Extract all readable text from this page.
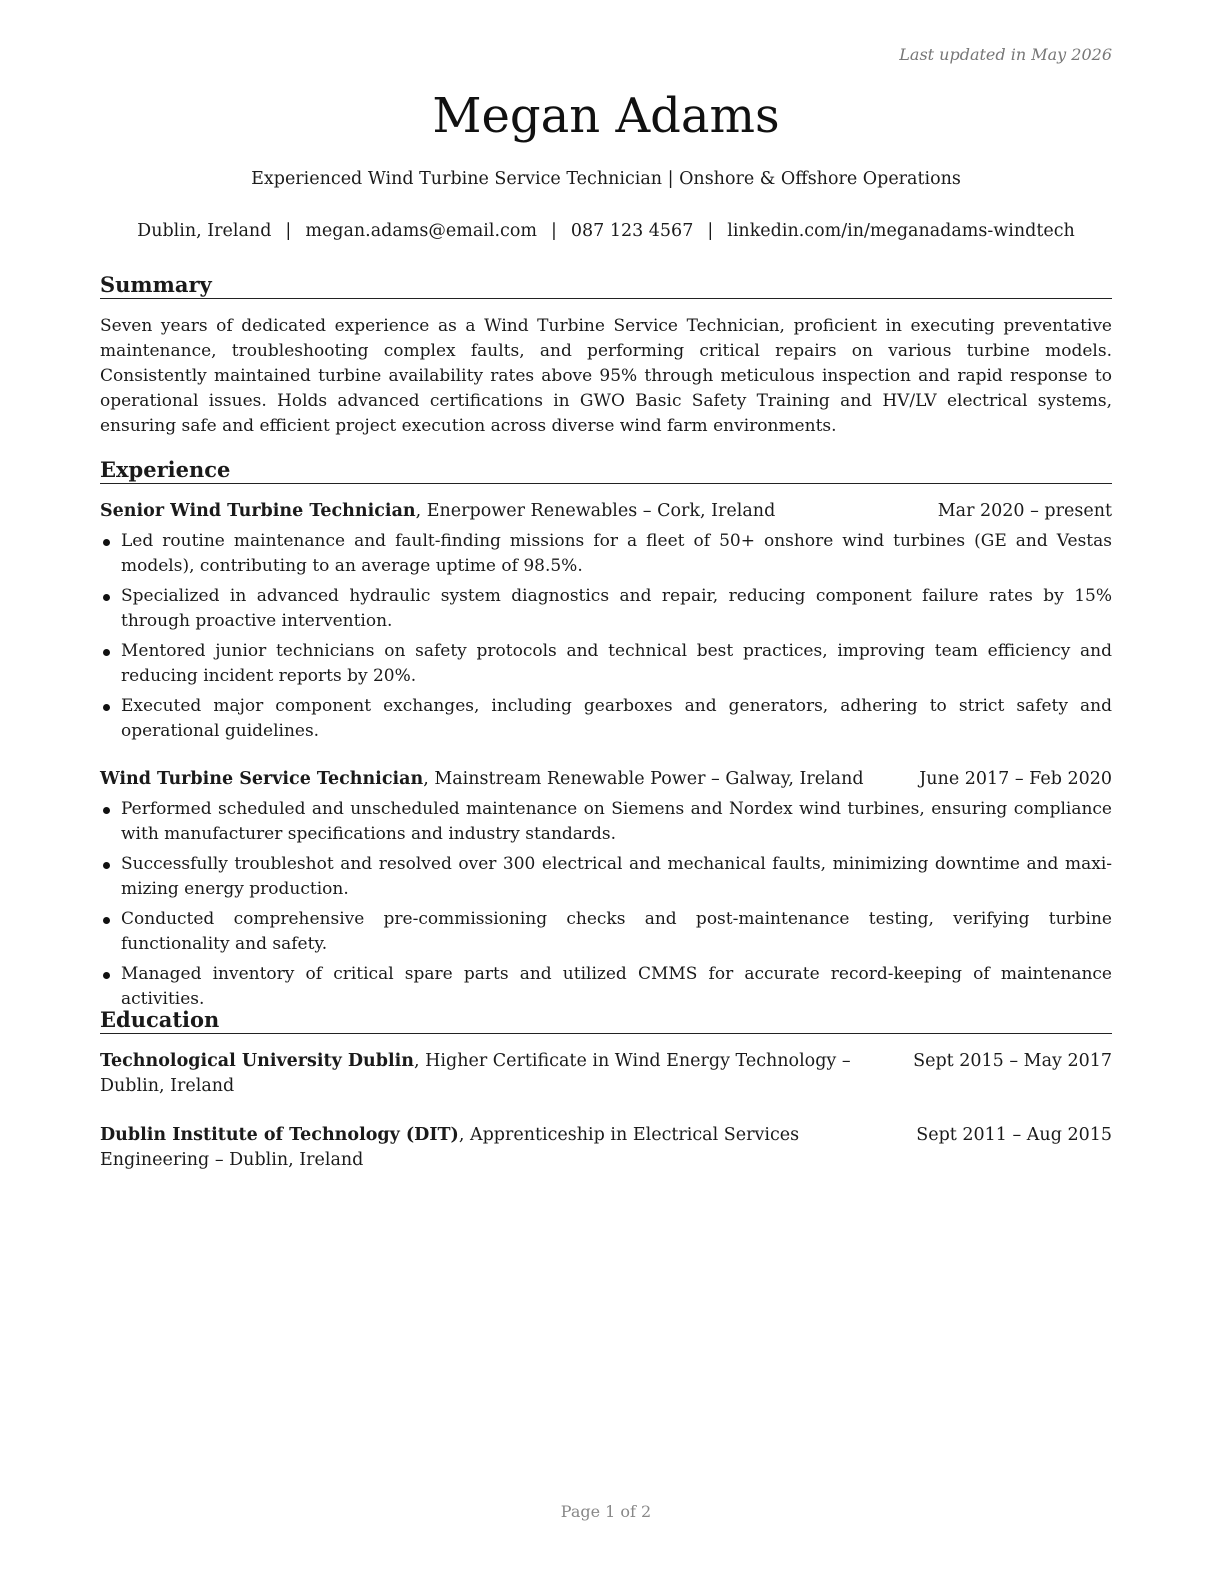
Last updated in May 2026
Megan Adams
Experienced Wind Turbine Service Technician | Onshore & Offshore Operations
Dublin, Ireland | megan.adams@email.com | 087 123 4567 | linkedin.com/in/meganadams-windtech
Summary
Seven years of dedicated experience as a Wind Turbine Service Technician, proficient in executing preventative maintenance, troubleshooting complex faults, and performing critical repairs on various turbine models. Consistently maintained turbine availability rates above 95% through meticulous inspection and rapid response to operational issues. Holds advanced certifications in GWO Basic Safety Training and HV/LV electrical systems, ensuring safe and efficient project execution across diverse wind farm environments.
Experience
Senior Wind Turbine Technician, Enerpower Renewables – Cork, Ireland	Mar 2020 – present
Led routine maintenance and fault-finding missions for a fleet of 50+ onshore wind turbines (GE and Vestas models), contributing to an average uptime of 98.5%.
Specialized in advanced hydraulic system diagnostics and repair, reducing component failure rates by 15% through proactive intervention.
Mentored junior technicians on safety protocols and technical best practices, improving team efficiency and reducing incident reports by 20%.
Executed major component exchanges, including gearboxes and generators, adhering to strict safety and operational guidelines.
Wind Turbine Service Technician, Mainstream Renewable Power – Galway, Ireland	June 2017 – Feb 2020
Performed scheduled and unscheduled maintenance on Siemens and Nordex wind turbines, ensuring compliance with manufacturer specifications and industry standards.
Successfully troubleshot and resolved over 300 electrical and mechanical faults, minimizing downtime and maxi-mizing energy production.
Conducted comprehensive pre-commissioning checks and post-maintenance testing, verifying turbine functionality and safety.
Managed inventory of critical spare parts and utilized CMMS for accurate record-keeping of maintenance activities.
Education
Technological University Dublin, Higher Certificate in Wind Energy Technology – Dublin, Ireland
Sept 2015 – May 2017
Dublin Institute of Technology (DIT), Apprenticeship in Electrical Services Engineering – Dublin, Ireland
Sept 2011 – Aug 2015
Page 1 of 2
